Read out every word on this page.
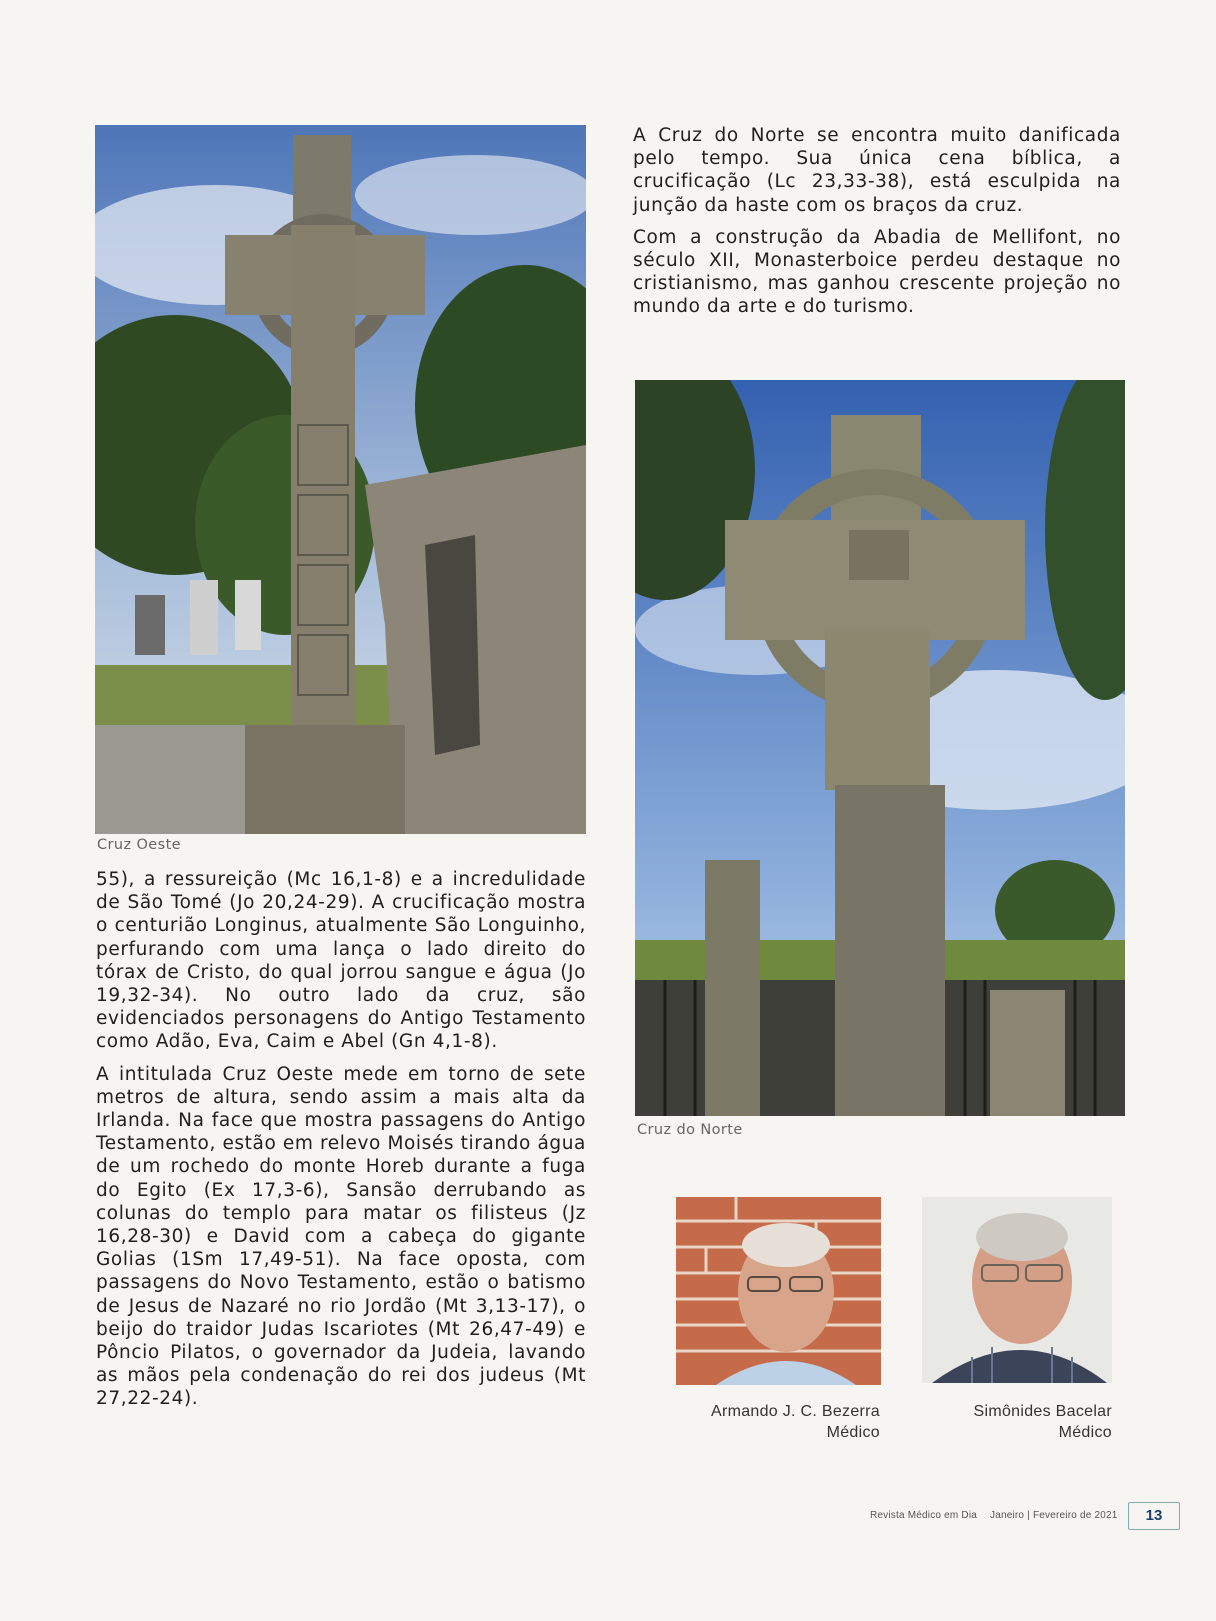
Cruz Oeste

A Cruz do Norte se encontra muito danificada pelo tempo. Sua única cena bíblica, a crucificação (Lc 23,33-38), está esculpida na junção da haste com os braços da cruz.

Com a construção da Abadia de Mellifont, no século XII, Monasterboice perdeu destaque no cristianismo, mas ganhou crescente projeção no mundo da arte e do turismo.

Cruz do Norte

55), a ressureição (Mc 16,1-8) e a incredulidade de São Tomé (Jo 20,24-29). A crucificação mostra o centurião Longinus, atualmente São Longuinho, perfurando com uma lança o lado direito do tórax de Cristo, do qual jorrou sangue e água (Jo 19,32-34). No outro lado da cruz, são evidenciados personagens do Antigo Testamento como Adão, Eva, Caim e Abel (Gn 4,1-8).

A intitulada Cruz Oeste mede em torno de sete metros de altura, sendo assim a mais alta da Irlanda. Na face que mostra passagens do Antigo Testamento, estão em relevo Moisés tirando água de um rochedo do monte Horeb durante a fuga do Egito (Ex 17,3-6), Sansão derrubando as colunas do templo para matar os filisteus (Jz 16,28-30) e David com a cabeça do gigante Golias (1Sm 17,49-51). Na face oposta, com passagens do Novo Testamento, estão o batismo de Jesus de Nazaré no rio Jordão (Mt 3,13-17), o beijo do traidor Judas Iscariotes (Mt 26,47-49) e Pôncio Pilatos, o governador da Judeia, lavando as mãos pela condenação do rei dos judeus (Mt 27,22-24).

Armando J. C. Bezerra
Médico
Simônides Bacelar
Médico
Revista Médico em Dia Janeiro | Fevereiro de 2021	13
